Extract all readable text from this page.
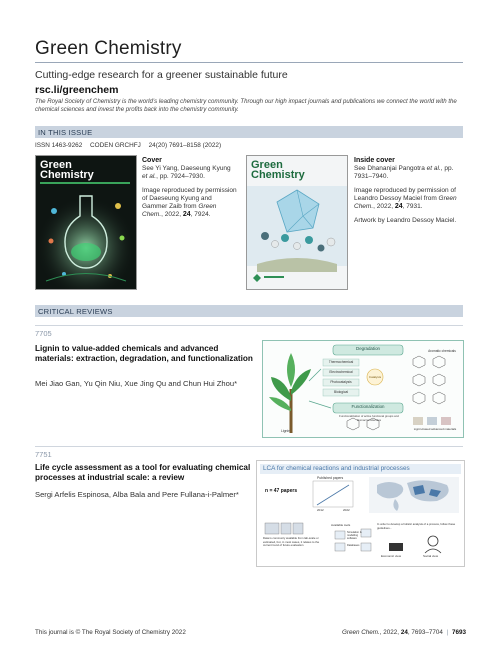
Green Chemistry
Cutting-edge research for a greener sustainable future
rsc.li/greenchem
The Royal Society of Chemistry is the world’s leading chemistry community. Through our high impact journals and publications we connect the world with the chemical sciences and invest the profits back into the chemistry community.
IN THIS ISSUE
ISSN 1463-9262 CODEN GRCHFJ 24(20) 7691–8158 (2022)
Green
Chemistry
Cover
See Yi Yang, Daeseung Kyung et al., pp. 7924–7930.
Image reproduced by permission of Daeseung Kyung and Gammer Zaib from Green Chem., 2022, 24, 7924.
Green
Chemistry
Inside cover
See Dhananjai Pangotra et al., pp. 7931–7940.
Image reproduced by permission of Leandro Dessoy Maciel from Green Chem., 2022, 24, 7931.
Artwork by Leandro Dessoy Maciel.
CRITICAL REVIEWS
7705
Lignin to value-added chemicals and advanced materials: extraction, degradation, and functionalization
Mei Jiao Gan, Yu Qin Niu, Xue Jing Qu and Chun Hui Zhou*
Degradation
Thermochemical
Electrochemical
Photocatalysis
Biological
Catalysis
Functionalization
Functionalization of active functional groups and biomacromolecules
Aromatic chemicals
Lignin	Lignin-based advanced materials
7751
Life cycle assessment as a tool for evaluating chemical processes at industrial scale: a review
Sergi Arfelis Espinosa, Alba Bala and Pere Fullana-i-Palmer*
LCA for chemical reactions and industrial processes
n = 47 papers
Published papers
2012	2022
Data is commonly available from lab-scale or estimated, but, in most cases, it relates to the current trend of future evaluation
Available tools
Simulation & modelling software
Databases
In order to develop a holistic analysis of a process, follow these guidelines...
Economic view	Social view
This journal is © The Royal Society of Chemistry 2022	Green Chem., 2022, 24, 7693–7704 | 7693
